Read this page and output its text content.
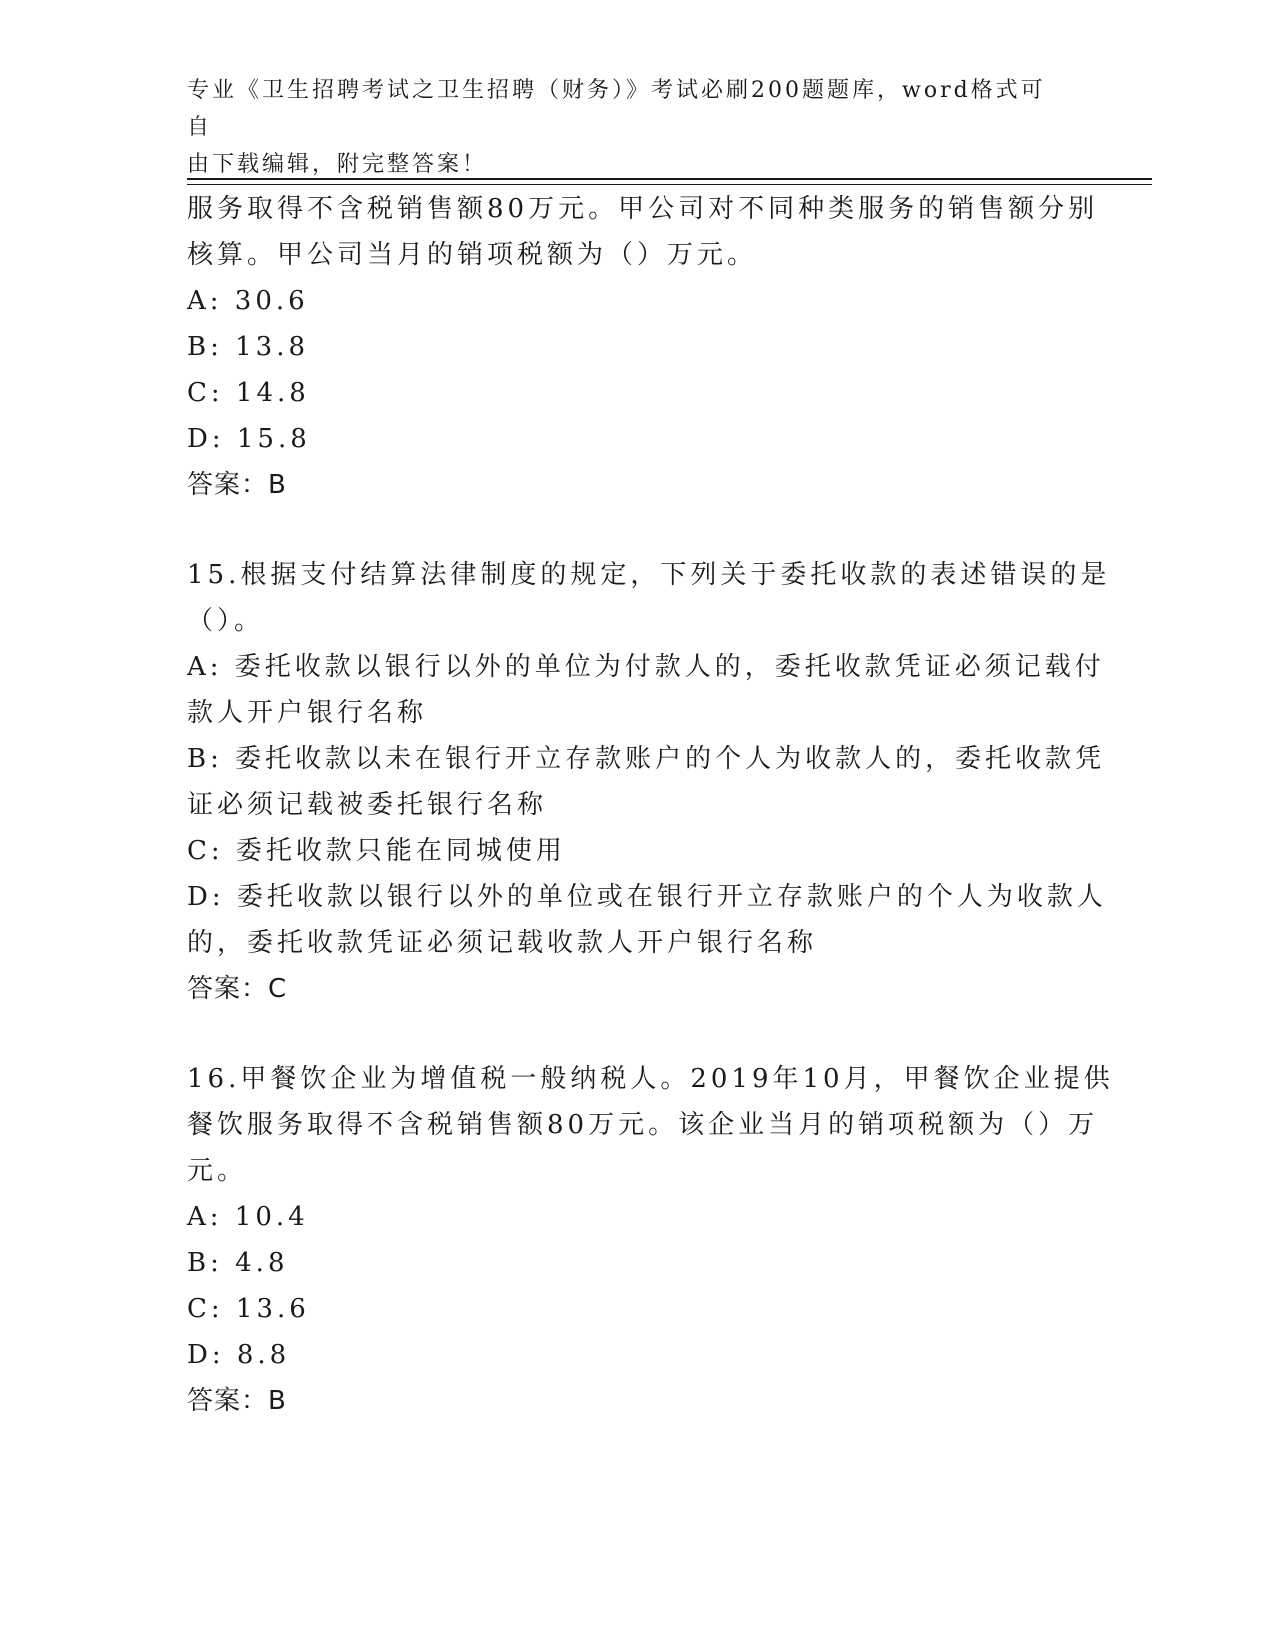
专业《卫生招聘考试之卫生招聘（财务）》考试必刷200题题库，word格式可自
由下载编辑，附完整答案！
服务取得不含税销售额80万元。甲公司对不同种类服务的销售额分别
核算。甲公司当月的销项税额为（）万元。
A: 30.6
B: 13.8
C: 14.8
D: 15.8
答案：B
15.根据支付结算法律制度的规定，下列关于委托收款的表述错误的是
（）。
A: 委托收款以银行以外的单位为付款人的，委托收款凭证必须记载付
款人开户银行名称
B: 委托收款以未在银行开立存款账户的个人为收款人的，委托收款凭
证必须记载被委托银行名称
C: 委托收款只能在同城使用
D: 委托收款以银行以外的单位或在银行开立存款账户的个人为收款人
的，委托收款凭证必须记载收款人开户银行名称
答案：C
16.甲餐饮企业为增值税一般纳税人。2019年10月，甲餐饮企业提供
餐饮服务取得不含税销售额80万元。该企业当月的销项税额为（）万
元。
A: 10.4
B: 4.8
C: 13.6
D: 8.8
答案：B
